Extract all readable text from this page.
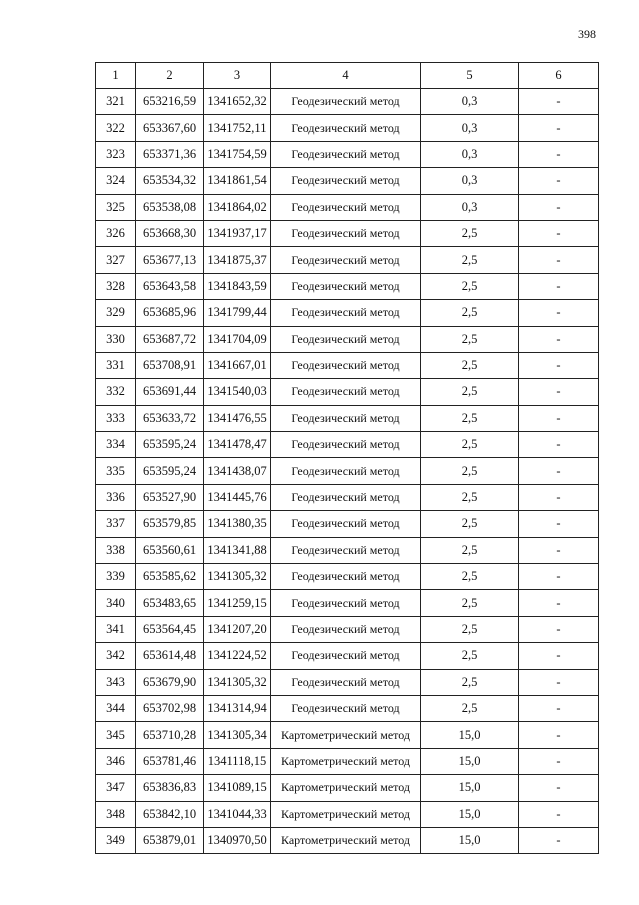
398
1	2	3	4	5	6
321	653216,59	1341652,32	Геодезический метод	0,3	-
322	653367,60	1341752,11	Геодезический метод	0,3	-
323	653371,36	1341754,59	Геодезический метод	0,3	-
324	653534,32	1341861,54	Геодезический метод	0,3	-
325	653538,08	1341864,02	Геодезический метод	0,3	-
326	653668,30	1341937,17	Геодезический метод	2,5	-
327	653677,13	1341875,37	Геодезический метод	2,5	-
328	653643,58	1341843,59	Геодезический метод	2,5	-
329	653685,96	1341799,44	Геодезический метод	2,5	-
330	653687,72	1341704,09	Геодезический метод	2,5	-
331	653708,91	1341667,01	Геодезический метод	2,5	-
332	653691,44	1341540,03	Геодезический метод	2,5	-
333	653633,72	1341476,55	Геодезический метод	2,5	-
334	653595,24	1341478,47	Геодезический метод	2,5	-
335	653595,24	1341438,07	Геодезический метод	2,5	-
336	653527,90	1341445,76	Геодезический метод	2,5	-
337	653579,85	1341380,35	Геодезический метод	2,5	-
338	653560,61	1341341,88	Геодезический метод	2,5	-
339	653585,62	1341305,32	Геодезический метод	2,5	-
340	653483,65	1341259,15	Геодезический метод	2,5	-
341	653564,45	1341207,20	Геодезический метод	2,5	-
342	653614,48	1341224,52	Геодезический метод	2,5	-
343	653679,90	1341305,32	Геодезический метод	2,5	-
344	653702,98	1341314,94	Геодезический метод	2,5	-
345	653710,28	1341305,34	Картометрический метод	15,0	-
346	653781,46	1341118,15	Картометрический метод	15,0	-
347	653836,83	1341089,15	Картометрический метод	15,0	-
348	653842,10	1341044,33	Картометрический метод	15,0	-
349	653879,01	1340970,50	Картометрический метод	15,0	-
